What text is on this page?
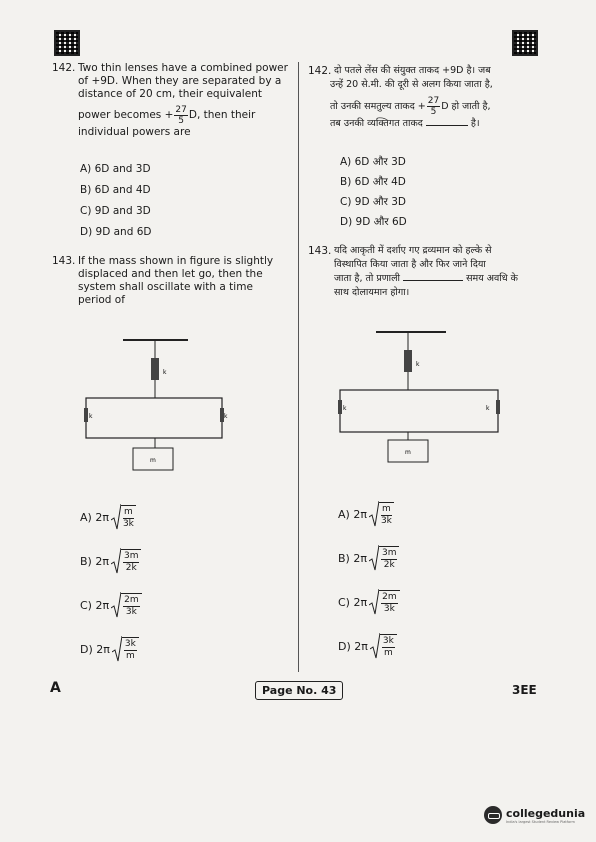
142. Two thin lenses have a combined power
of +9D. When they are separated by a
distance of 20 cm, their equivalent
power becomes + $\frac{27}{5} D$, then their
individual powers are
A) 6D and 3D
B) 6D and 4D
C) 9D and 3D
D) 9D and 6D
143. If the mass shown in figure is slightly
displaced and then let go, then the
system shall oscillate with a time
period of
k
k	k
m
A)
$2\pi \frac{m}{3k}$
B)
$2\pi \frac{3m}{2k}$
C)
$2\pi \frac{2m}{3k}$
D)
$2\pi \frac{3k}{m}$
142. दो पतले लेंस की संयुक्त ताकद +9D है। जब
उन्हें 20 से.मी. की दूरी से अलग किया जाता है,
तो उनकी समतुल्य ताकद + $\frac{27}{5}$ D हो जाती है,
तब उनकी व्यक्तिगत ताकद	है।
A) 6D और 3D
B) 6D और 4D
C) 9D और 3D
D) 9D और 6D
143. यदि आकृती में दर्शाए गए द्रव्यमान को हल्के से
विस्थापित किया जाता है और फिर जाने दिया
जाता है, तो प्रणाली	समय अवधि के
साथ दोलायमान होगा।
k
k	k
m
A)
$2\pi \frac{m}{3k}$
B)
$2\pi \frac{3m}{2k}$
C)
$2\pi \frac{2m}{3k}$
D)
$2\pi \frac{3k}{m}$
A	Page No. 43	3EE
collegedunia
India's largest Student Review Platform
